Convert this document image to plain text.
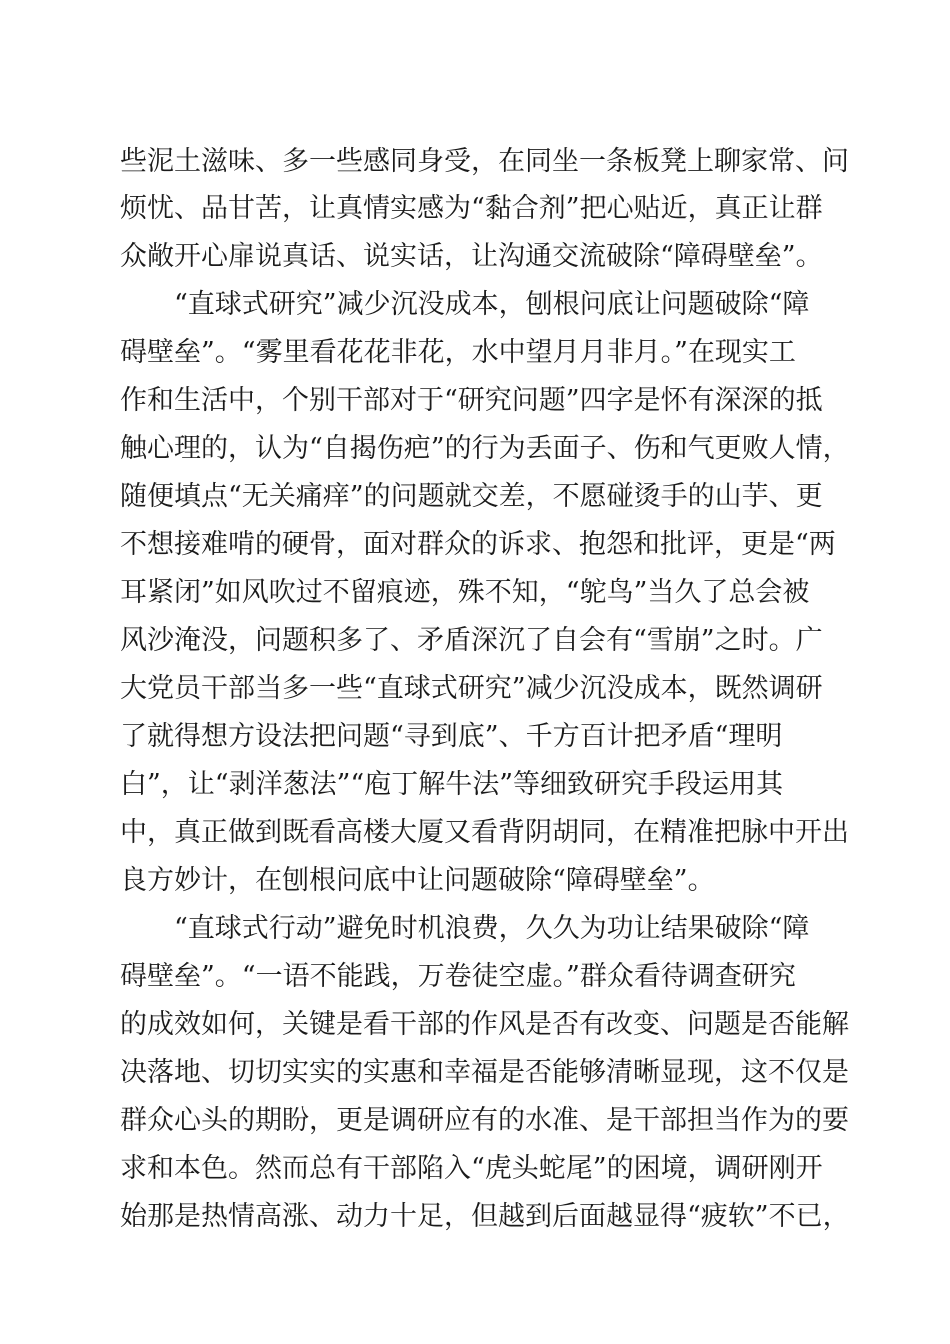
些泥土滋味、多一些感同身受，在同坐一条板凳上聊家常、问
烦忧、品甘苦，让真情实感为“黏合剂”把心贴近，真正让群
众敞开心扉说真话、说实话，让沟通交流破除“障碍壁垒”。
“直球式研究”减少沉没成本，刨根问底让问题破除“障
碍壁垒”。“雾里看花花非花，水中望月月非月。”在现实工
作和生活中，个别干部对于“研究问题”四字是怀有深深的抵
触心理的，认为“自揭伤疤”的行为丢面子、伤和气更败人情，
随便填点“无关痛痒”的问题就交差，不愿碰烫手的山芋、更
不想接难啃的硬骨，面对群众的诉求、抱怨和批评，更是“两
耳紧闭”如风吹过不留痕迹，殊不知，“鸵鸟”当久了总会被
风沙淹没，问题积多了、矛盾深沉了自会有“雪崩”之时。广
大党员干部当多一些“直球式研究”减少沉没成本，既然调研
了就得想方设法把问题“寻到底”、千方百计把矛盾“理明
白”，让“剥洋葱法”“庖丁解牛法”等细致研究手段运用其
中，真正做到既看高楼大厦又看背阴胡同，在精准把脉中开出
良方妙计，在刨根问底中让问题破除“障碍壁垒”。
“直球式行动”避免时机浪费，久久为功让结果破除“障
碍壁垒”。“一语不能践，万卷徒空虚。”群众看待调查研究
的成效如何，关键是看干部的作风是否有改变、问题是否能解
决落地、切切实实的实惠和幸福是否能够清晰显现，这不仅是
群众心头的期盼，更是调研应有的水准、是干部担当作为的要
求和本色。然而总有干部陷入“虎头蛇尾”的困境，调研刚开
始那是热情高涨、动力十足，但越到后面越显得“疲软”不已，
